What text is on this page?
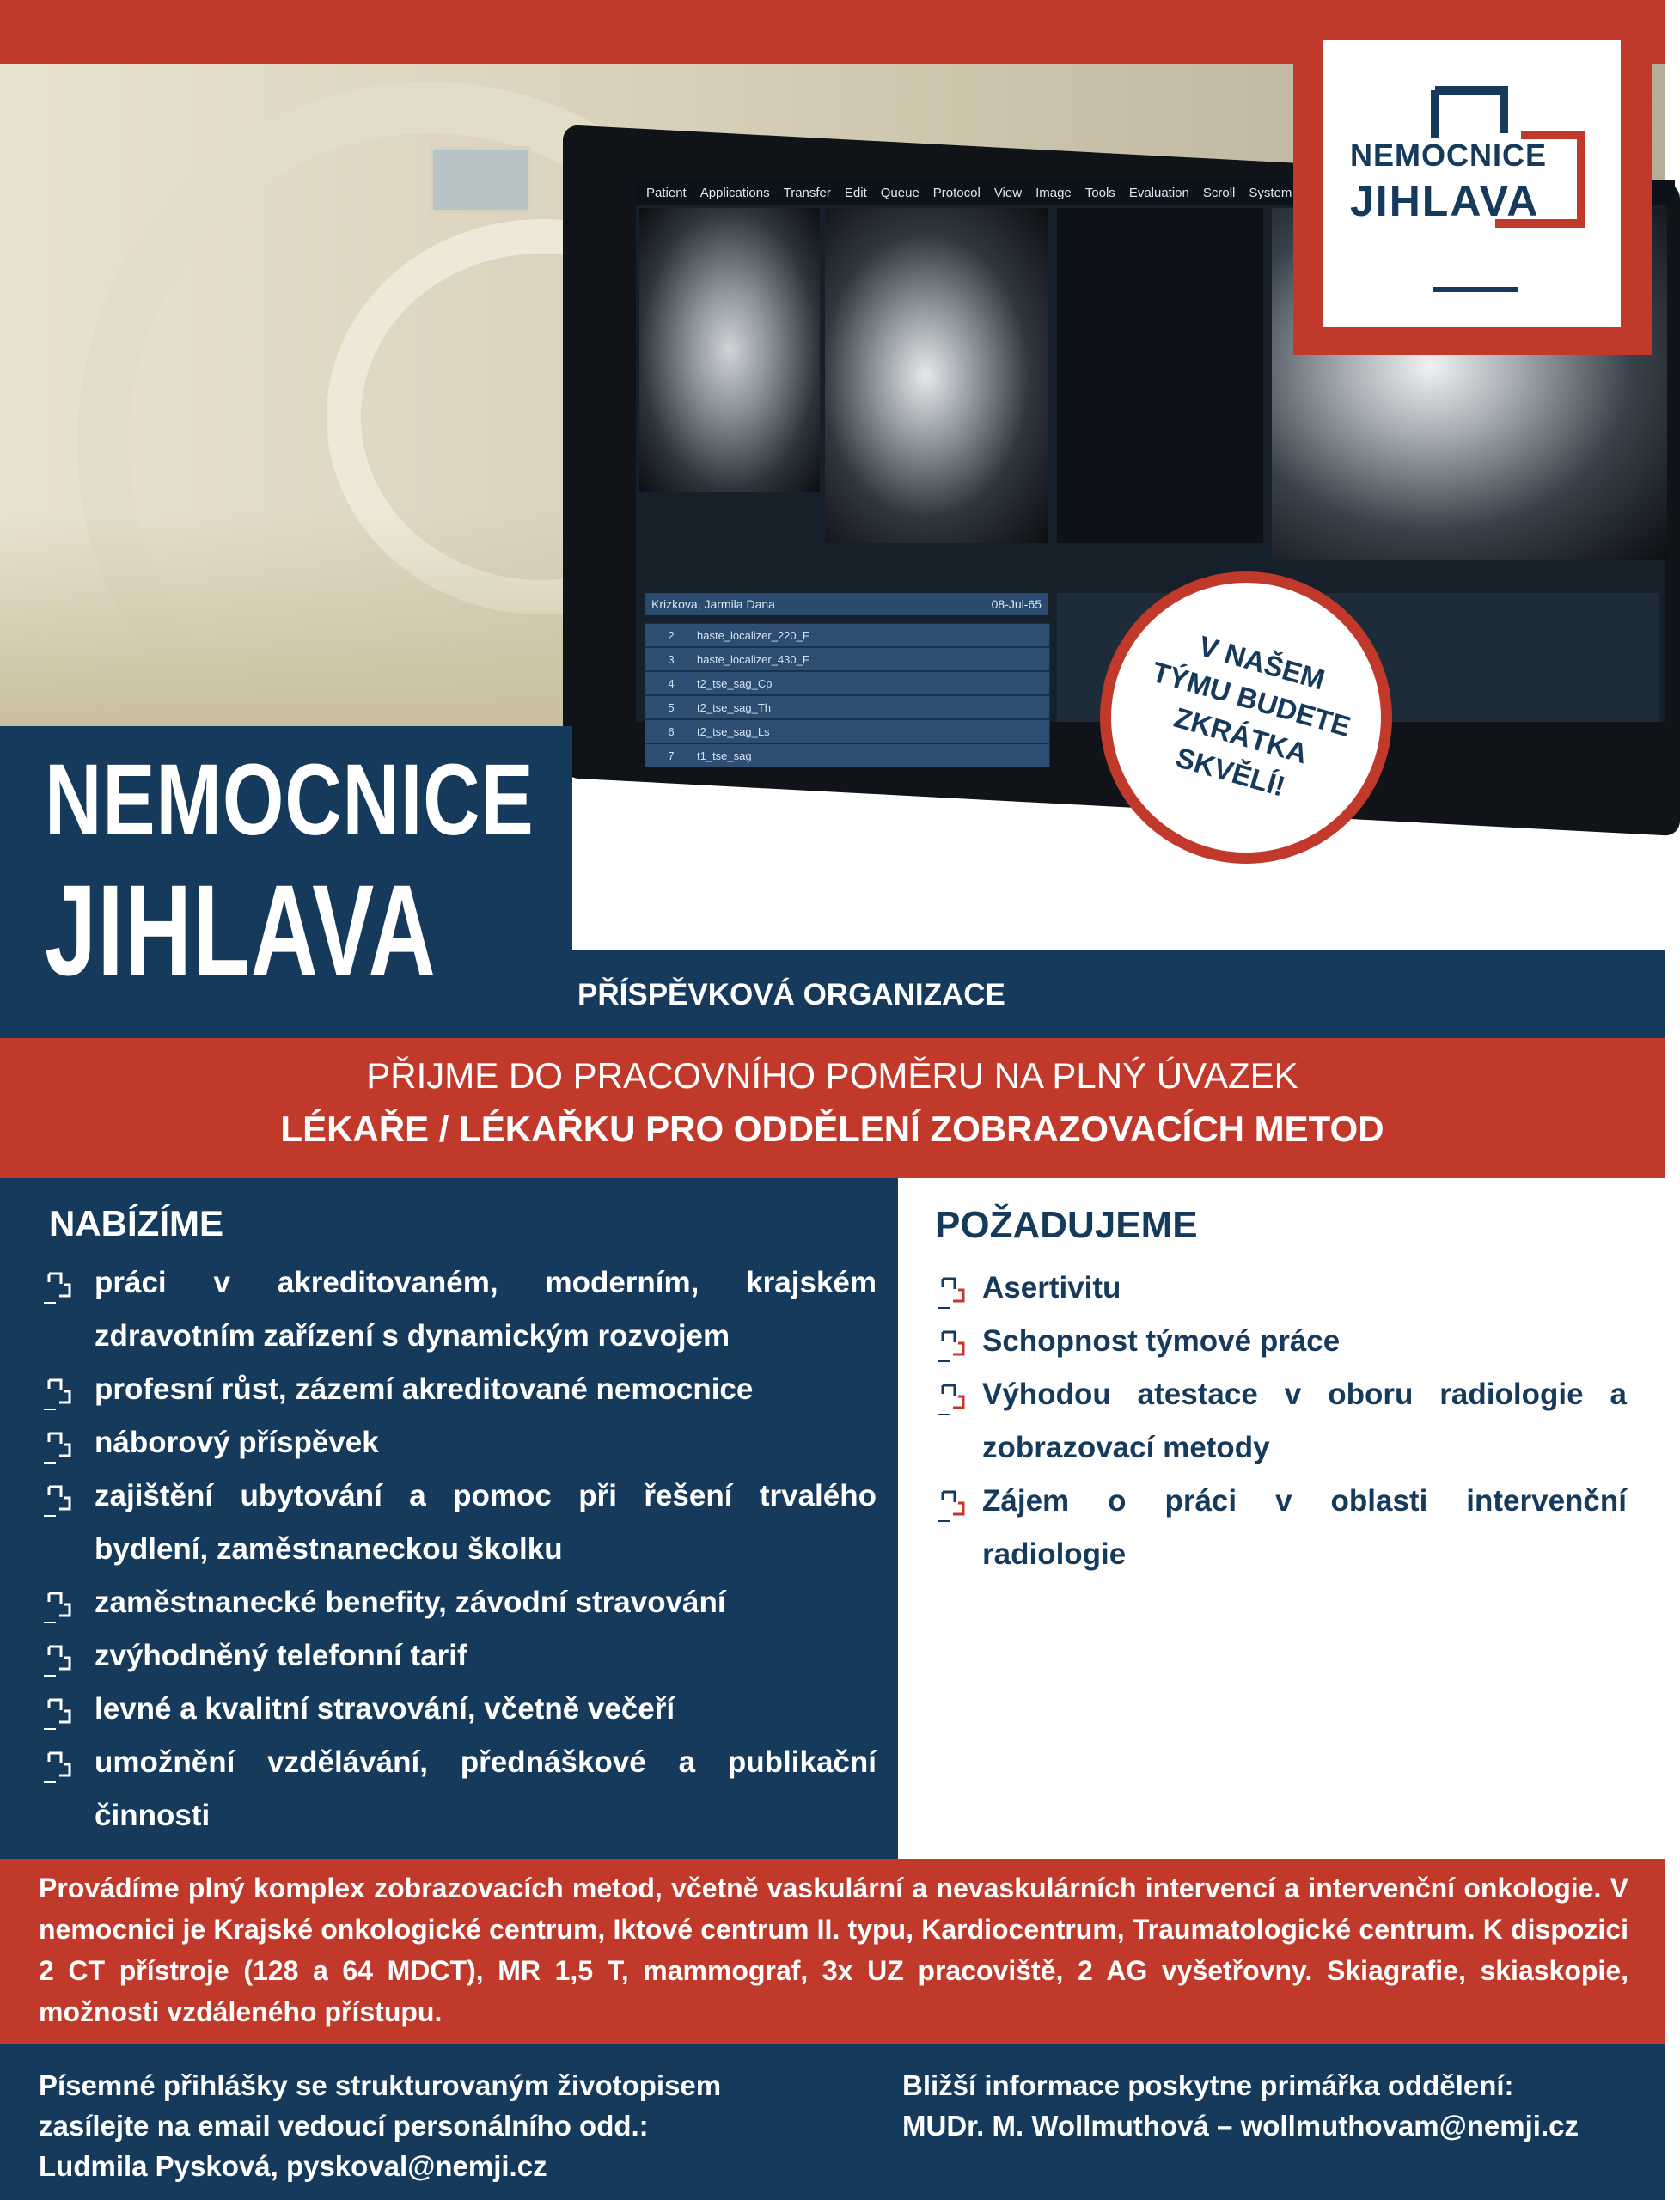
Patient Applications Transfer Edit Queue Protocol View Image Tools Evaluation Scroll System
Krizkova, Jarmila Dana	08-Jul-65
2	haste_localizer_220_F
3	haste_localizer_430_F
4	t2_tse_sag_Cp
5	t2_tse_sag_Th
6	t2_tse_sag_Ls
7	t1_tse_sag
NEMOCNICE
JIHLAVA
V NAŠEM
TÝMU BUDETE
ZKRÁTKA
SKVĚLÍ!
NEMOCNICE
JIHLAVA	PŘÍSPĚVKOVÁ ORGANIZACE
PŘIJME DO PRACOVNÍHO POMĚRU NA PLNÝ ÚVAZEK
LÉKAŘE / LÉKAŘKU PRO ODDĚLENÍ ZOBRAZOVACÍCH METOD
NABÍZÍME
práci v akreditovaném, moderním, krajském zdravotním zařízení s dynamickým rozvojem
profesní růst, zázemí akreditované nemocnice
náborový příspěvek
zajištění ubytování a pomoc při řešení trvalého bydlení, zaměstnaneckou školku
zaměstnanecké benefity, závodní stravování
zvýhodněný telefonní tarif
levné a kvalitní stravování, včetně večeří
umožnění vzdělávání, přednáškové a publikační činnosti
POŽADUJEME
Asertivitu
Schopnost týmové práce
Výhodou atestace v oboru radiologie a zobrazovací metody
Zájem o práci v oblasti intervenční radiologie
Provádíme plný komplex zobrazovacích metod, včetně vaskulární a nevaskulárních intervencí a intervenční onkologie. V nemocnici je Krajské onkologické centrum, Iktové centrum II. typu, Kardiocentrum, Traumatologické centrum. K dispozici 2 CT přístroje (128 a 64 MDCT), MR 1,5 T, mammograf, 3x UZ pracoviště, 2 AG vyšetřovny. Skiagrafie, skiaskopie, možnosti vzdáleného přístupu.
Písemné přihlášky se strukturovaným životopisem
zasílejte na email vedoucí personálního odd.:
Ludmila Pysková, pyskoval@nemji.cz
Bližší informace poskytne primářka oddělení:
MUDr. M. Wollmuthová – wollmuthovam@nemji.cz
